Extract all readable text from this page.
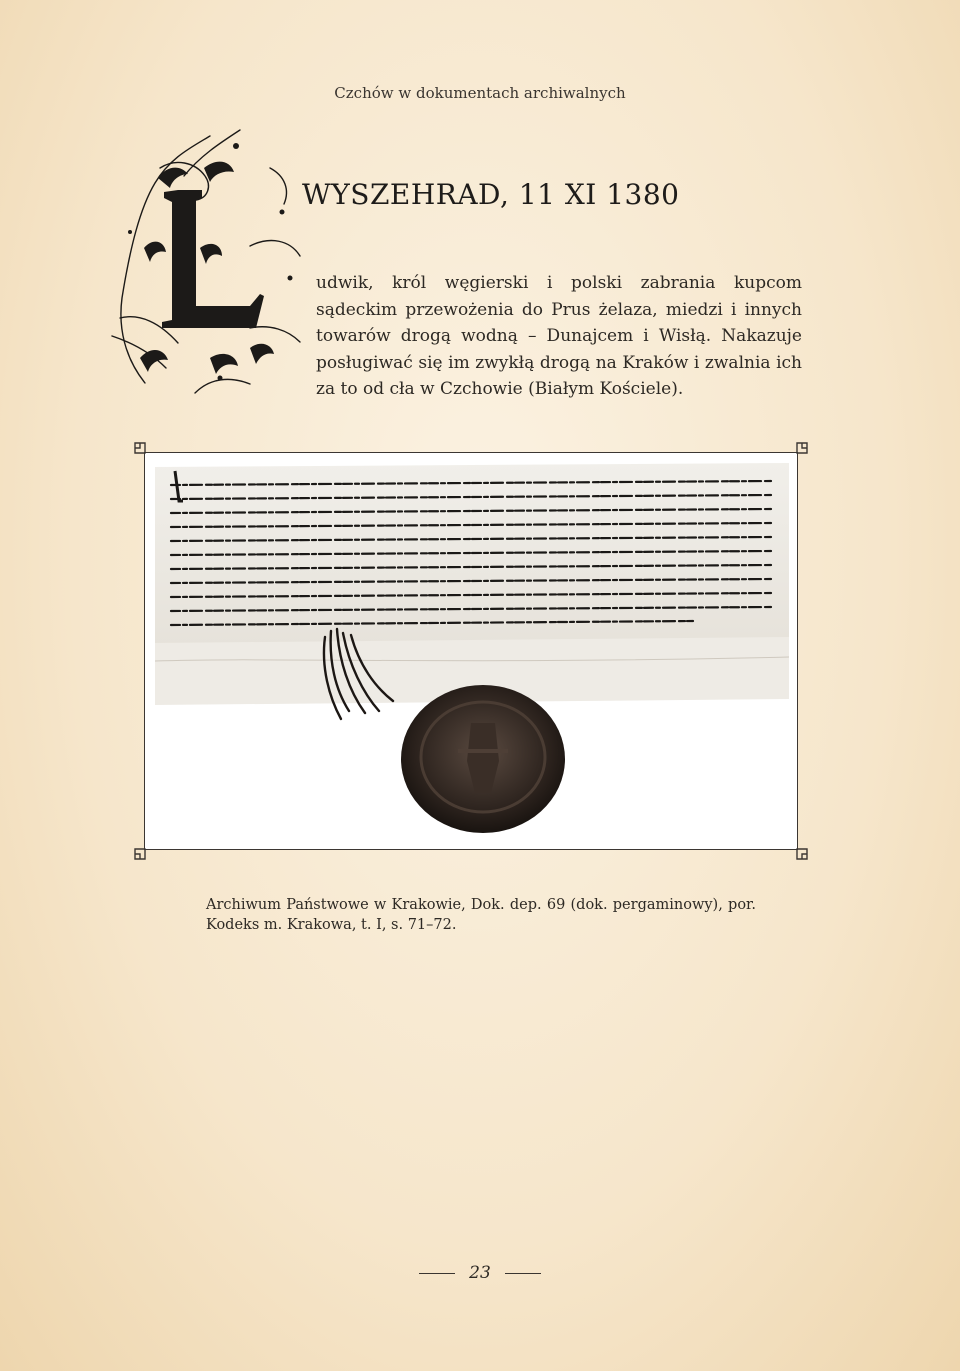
Czchów w dokumentach archiwalnych
WYSZEHRAD, 11 XI 1380
udwik, król węgierski i polski zabrania kupcom sądeckim przewożenia do Prus żelaza, miedzi i innych towarów drogą wodną – Dunajcem i Wisłą. Nakazuje posługiwać się im zwykłą drogą na Kraków i zwalnia ich za to od cła w Czchowie (Białym Kościele).
Archiwum Państwowe w Krakowie, Dok. dep. 69 (dok. pergaminowy), por. Kodeks m. Krakowa, t. I, s. 71–72.
23
